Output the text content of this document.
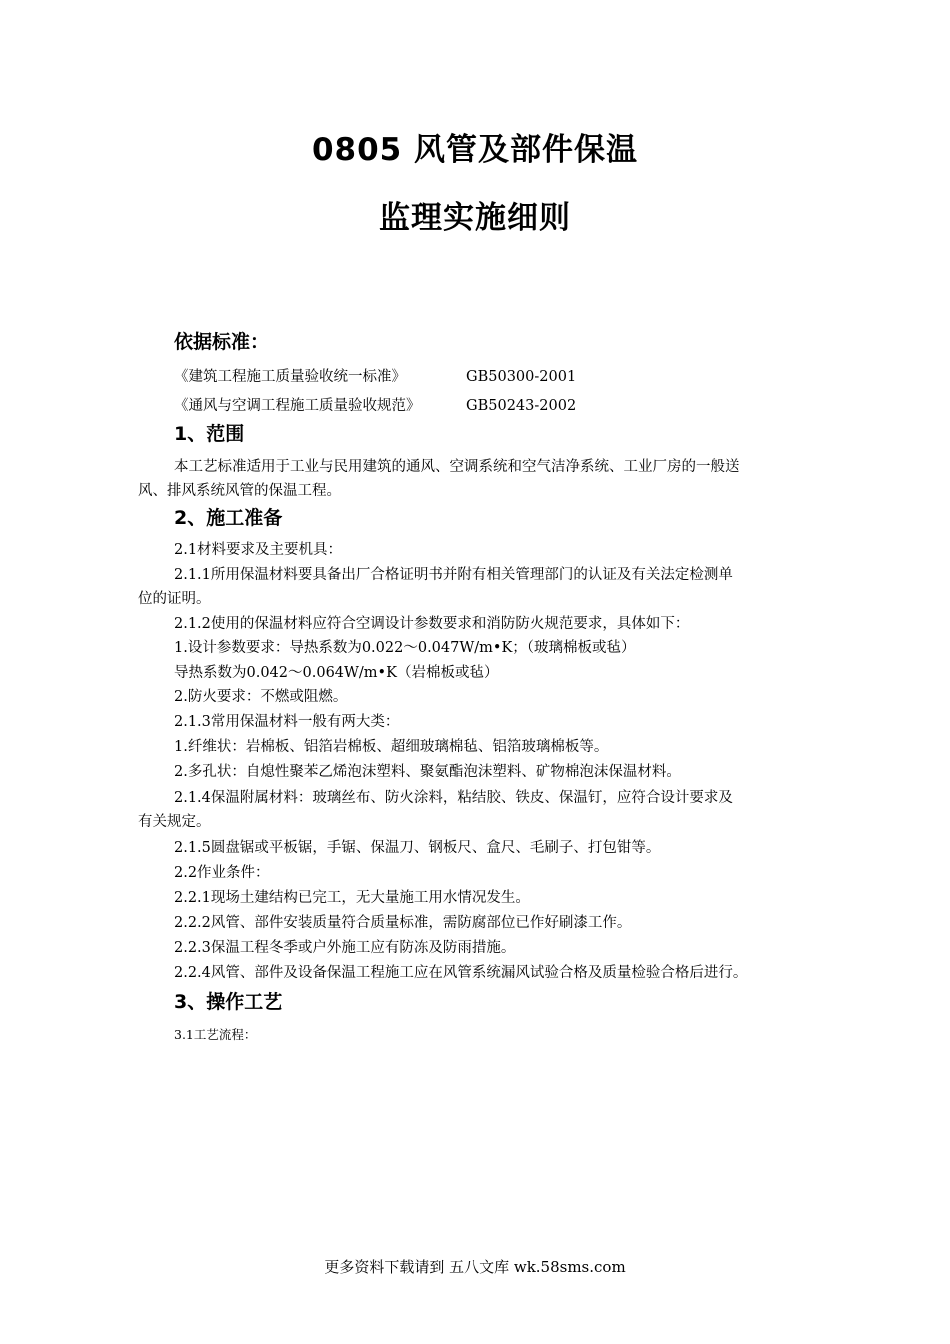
0805 风管及部件保温
监理实施细则
依据标准：
《建筑工程施工质量验收统一标准》	GB50300-2001
《通风与空调工程施工质量验收规范》	GB50243-2002
1、范围
本工艺标准适用于工业与民用建筑的通风、空调系统和空气洁净系统、工业厂房的一般送
风、排风系统风管的保温工程。
2、施工准备
2.1材料要求及主要机具：
2.1.1所用保温材料要具备出厂合格证明书并附有相关管理部门的认证及有关法定检测单
位的证明。
2.1.2使用的保温材料应符合空调设计参数要求和消防防火规范要求，具体如下：
1.设计参数要求：导热系数为0.022～0.047W/m•K；（玻璃棉板或毡）
导热系数为0.042～0.064W/m•K（岩棉板或毡）
2.防火要求：不燃或阻燃。
2.1.3常用保温材料一般有两大类：
1.纤维状：岩棉板、铝箔岩棉板、超细玻璃棉毡、铝箔玻璃棉板等。
2.多孔状：自熄性聚苯乙烯泡沫塑料、聚氨酯泡沫塑料、矿物棉泡沫保温材料。
2.1.4保温附属材料：玻璃丝布、防火涂料，粘结胶、铁皮、保温钉，应符合设计要求及
有关规定。
2.1.5圆盘锯或平板锯，手锯、保温刀、钢板尺、盒尺、毛刷子、打包钳等。
2.2作业条件：
2.2.1现场土建结构已完工，无大量施工用水情况发生。
2.2.2风管、部件安装质量符合质量标准，需防腐部位已作好刷漆工作。
2.2.3保温工程冬季或户外施工应有防冻及防雨措施。
2.2.4风管、部件及设备保温工程施工应在风管系统漏风试验合格及质量检验合格后进行。
3、操作工艺
3.1工艺流程：
更多资料下载请到 五八文库 wk.58sms.com
